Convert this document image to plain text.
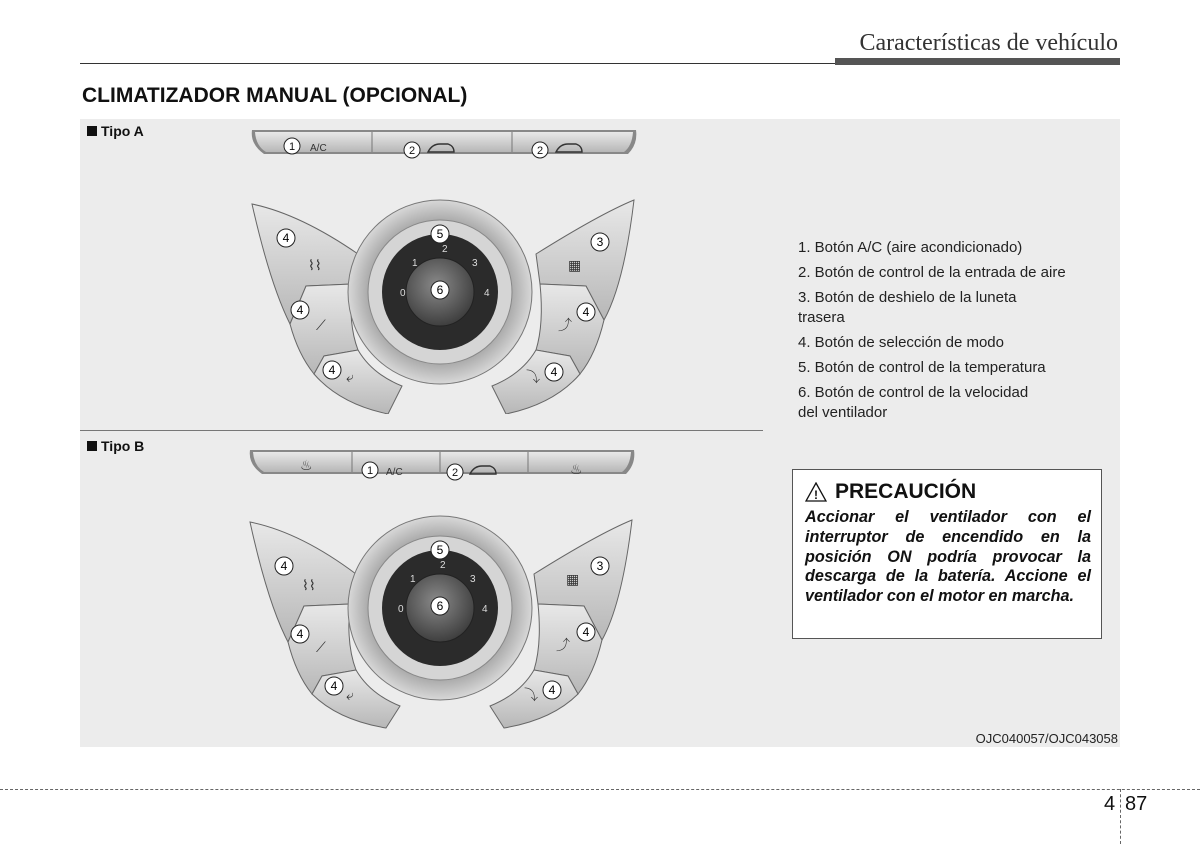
Características de vehículo
CLIMATIZADOR MANUAL (OPCIONAL)
Tipo A
Tipo B
1 A/C	2	2
4
⌇⌇
4
⟋
4 ⤶
3
▦
4
⤴
4
⤵
5
6
0
1
2
3
4
♨	1 A/C	2	♨
4
⌇⌇
4
⟋
4
⤶
3
▦
4
⤴
4
⤵
5
6
0
1
2
3
4
1. Botón A/C (aire acondicionado)
2. Botón de control de la entrada de aire
3. Botón de deshielo de la luneta
trasera
4. Botón de selección de modo
5. Botón de control de la temperatura
6. Botón de control de la velocidad
del ventilador
! PRECAUCIÓN
Accionar el ventilador con el interruptor de encendido en la posición ON podría provocar la descarga de la batería. Accione el ventilador con el motor en marcha.
OJC040057/OJC043058
4 87
